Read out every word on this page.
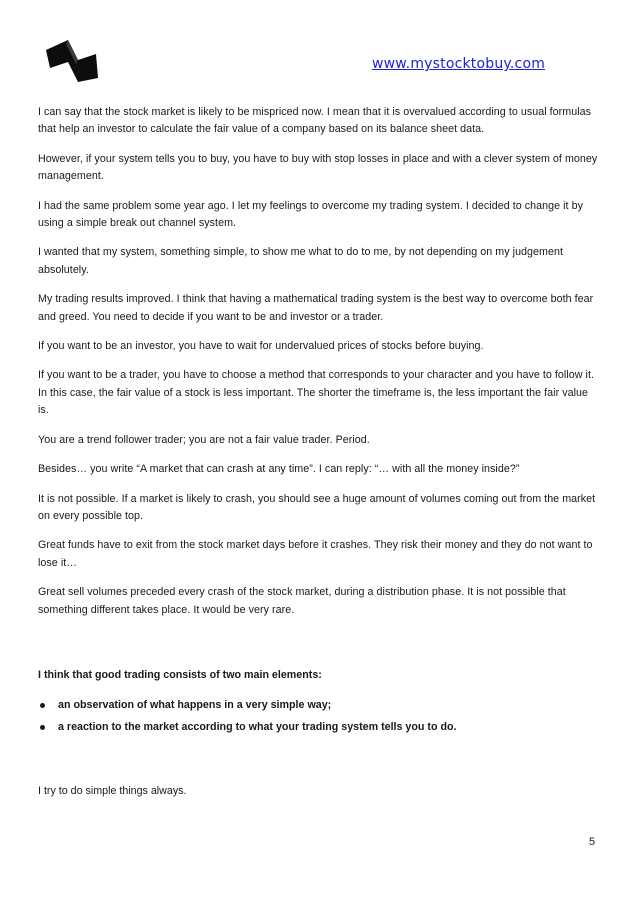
www.mystocktobuy.com

I can say that the stock market is likely to be mispriced now. I mean that it is overvalued according to usual formulas that help an investor to calculate the fair value of a company based on its balance sheet data.

However, if your system tells you to buy, you have to buy with stop losses in place and with a clever system of money management.

I had the same problem some year ago. I let my feelings to overcome my trading system. I decided to change it by using a simple break out channel system.

I wanted that my system, something simple, to show me what to do to me, by not depending on my judgement absolutely.

My trading results improved. I think that having a mathematical trading system is the best way to overcome both fear and greed. You need to decide if you want to be and investor or a trader.

If you want to be an investor, you have to wait for undervalued prices of stocks before buying.

If you want to be a trader, you have to choose a method that corresponds to your character and you have to follow it. In this case, the fair value of a stock is less important. The shorter the timeframe is, the less important the fair value is.

You are a trend follower trader; you are not a fair value trader. Period.

Besides… you write “A market that can crash at any time”. I can reply: “… with all the money inside?”

It is not possible. If a market is likely to crash, you should see a huge amount of volumes coming out from the market on every possible top.

Great funds have to exit from the stock market days before it crashes. They risk their money and they do not want to lose it…

Great sell volumes preceded every crash of the stock market, during a distribution phase. It is not possible that something different takes place. It would be very rare.

I think that good trading consists of two main elements:

an observation of what happens in a very simple way;
a reaction to the market according to what your trading system tells you to do.

I try to do simple things always.

5
